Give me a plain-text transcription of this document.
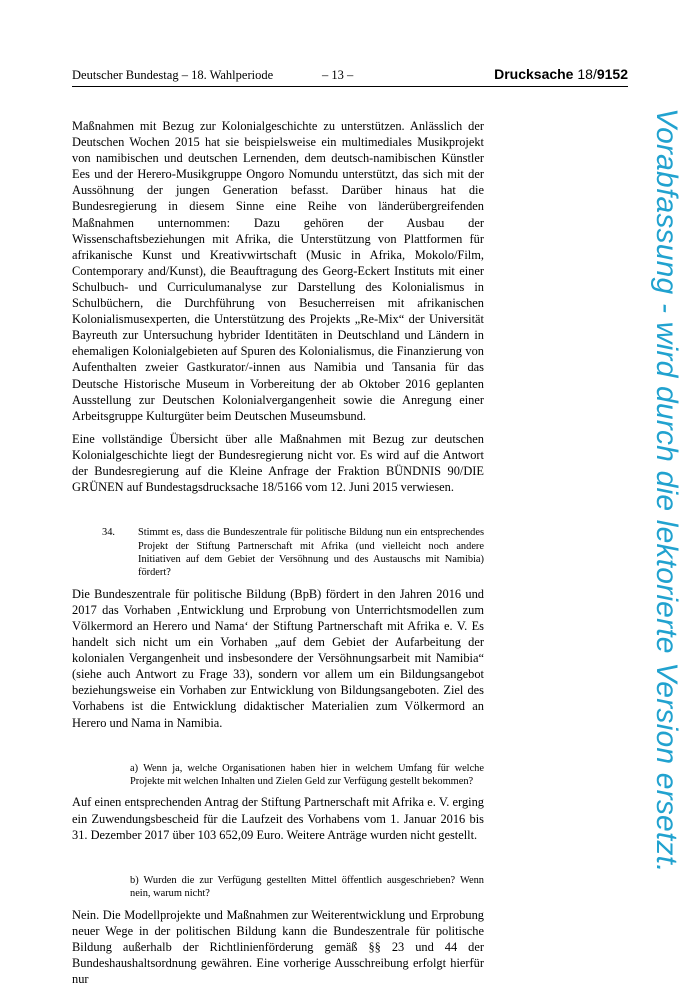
Deutscher Bundestag – 18. Wahlperiode	– 13 –	Drucksache 18/9152

Maßnahmen mit Bezug zur Kolonialgeschichte zu unterstützen. Anlässlich der Deutschen Wochen 2015 hat sie beispielsweise ein multimediales Musikprojekt von namibischen und deutschen Lernenden, dem deutsch-namibischen Künstler Ees und der Herero-Musikgruppe Ongoro Nomundu unterstützt, das sich mit der Aussöhnung der jungen Generation befasst. Darüber hinaus hat die Bundesregierung in diesem Sinne eine Reihe von länderübergreifenden Maßnahmen unternommen: Dazu gehören der Ausbau der Wissenschaftsbeziehungen mit Afrika, die Unterstützung von Plattformen für afrikanische Kunst und Kreativwirtschaft (Music in Afrika, Mokolo/Film, Contemporary and/Kunst), die Beauftragung des Georg-Eckert Instituts mit einer Schulbuch- und Curriculumanalyse zur Darstellung des Kolonialismus in Schulbüchern, die Durchführung von Besucherreisen mit afrikanischen Kolonialismusexperten, die Unterstützung des Projekts „Re-Mix“ der Universität Bayreuth zur Untersuchung hybrider Identitäten in Deutschland und Ländern in ehemaligen Kolonialgebieten auf Spuren des Kolonialismus, die Finanzierung von Aufenthalten zweier Gastkurator/-innen aus Namibia und Tansania für das Deutsche Historische Museum in Vorbereitung der ab Oktober 2016 geplanten Ausstellung zur Deutschen Kolonialvergangenheit sowie die Anregung einer Arbeitsgruppe Kulturgüter beim Deutschen Museumsbund.

Eine vollständige Übersicht über alle Maßnahmen mit Bezug zur deutschen Kolonialgeschichte liegt der Bundesregierung nicht vor. Es wird auf die Antwort der Bundesregierung auf die Kleine Anfrage der Fraktion BÜNDNIS 90/DIE GRÜNEN auf Bundestagsdrucksache 18/5166 vom 12. Juni 2015 verwiesen.

34.	Stimmt es, dass die Bundeszentrale für politische Bildung nun ein entsprechendes Projekt der Stiftung Partnerschaft mit Afrika (und vielleicht noch andere Initiativen auf dem Gebiet der Versöhnung und des Austauschs mit Namibia) fördert?

Die Bundeszentrale für politische Bildung (BpB) fördert in den Jahren 2016 und 2017 das Vorhaben ‚Entwicklung und Erprobung von Unterrichtsmodellen zum Völkermord an Herero und Nama‘ der Stiftung Partnerschaft mit Afrika e. V. Es handelt sich nicht um ein Vorhaben „auf dem Gebiet der Aufarbeitung der kolonialen Vergangenheit und insbesondere der Versöhnungsarbeit mit Namibia“ (siehe auch Antwort zu Frage 33), sondern vor allem um ein Bildungsangebot beziehungsweise ein Vorhaben zur Entwicklung von Bildungsangeboten. Ziel des Vorhabens ist die Entwicklung didaktischer Materialien zum Völkermord an Herero und Nama in Namibia.

a) Wenn ja, welche Organisationen haben hier in welchem Umfang für welche Projekte mit welchen Inhalten und Zielen Geld zur Verfügung gestellt bekommen?

Auf einen entsprechenden Antrag der Stiftung Partnerschaft mit Afrika e. V. erging ein Zuwendungsbescheid für die Laufzeit des Vorhabens vom 1. Januar 2016 bis 31. Dezember 2017 über 103 652,09 Euro. Weitere Anträge wurden nicht gestellt.

b) Wurden die zur Verfügung gestellten Mittel öffentlich ausgeschrieben? Wenn nein, warum nicht?

Nein. Die Modellprojekte und Maßnahmen zur Weiterentwicklung und Erprobung neuer Wege in der politischen Bildung kann die Bundeszentrale für politische Bildung außerhalb der Richtlinienförderung gemäß §§ 23 und 44 der Bundeshaushaltsordnung gewähren. Eine vorherige Ausschreibung erfolgt hierfür nur

Vorabfassung - wird durch die lektorierte Version ersetzt.
